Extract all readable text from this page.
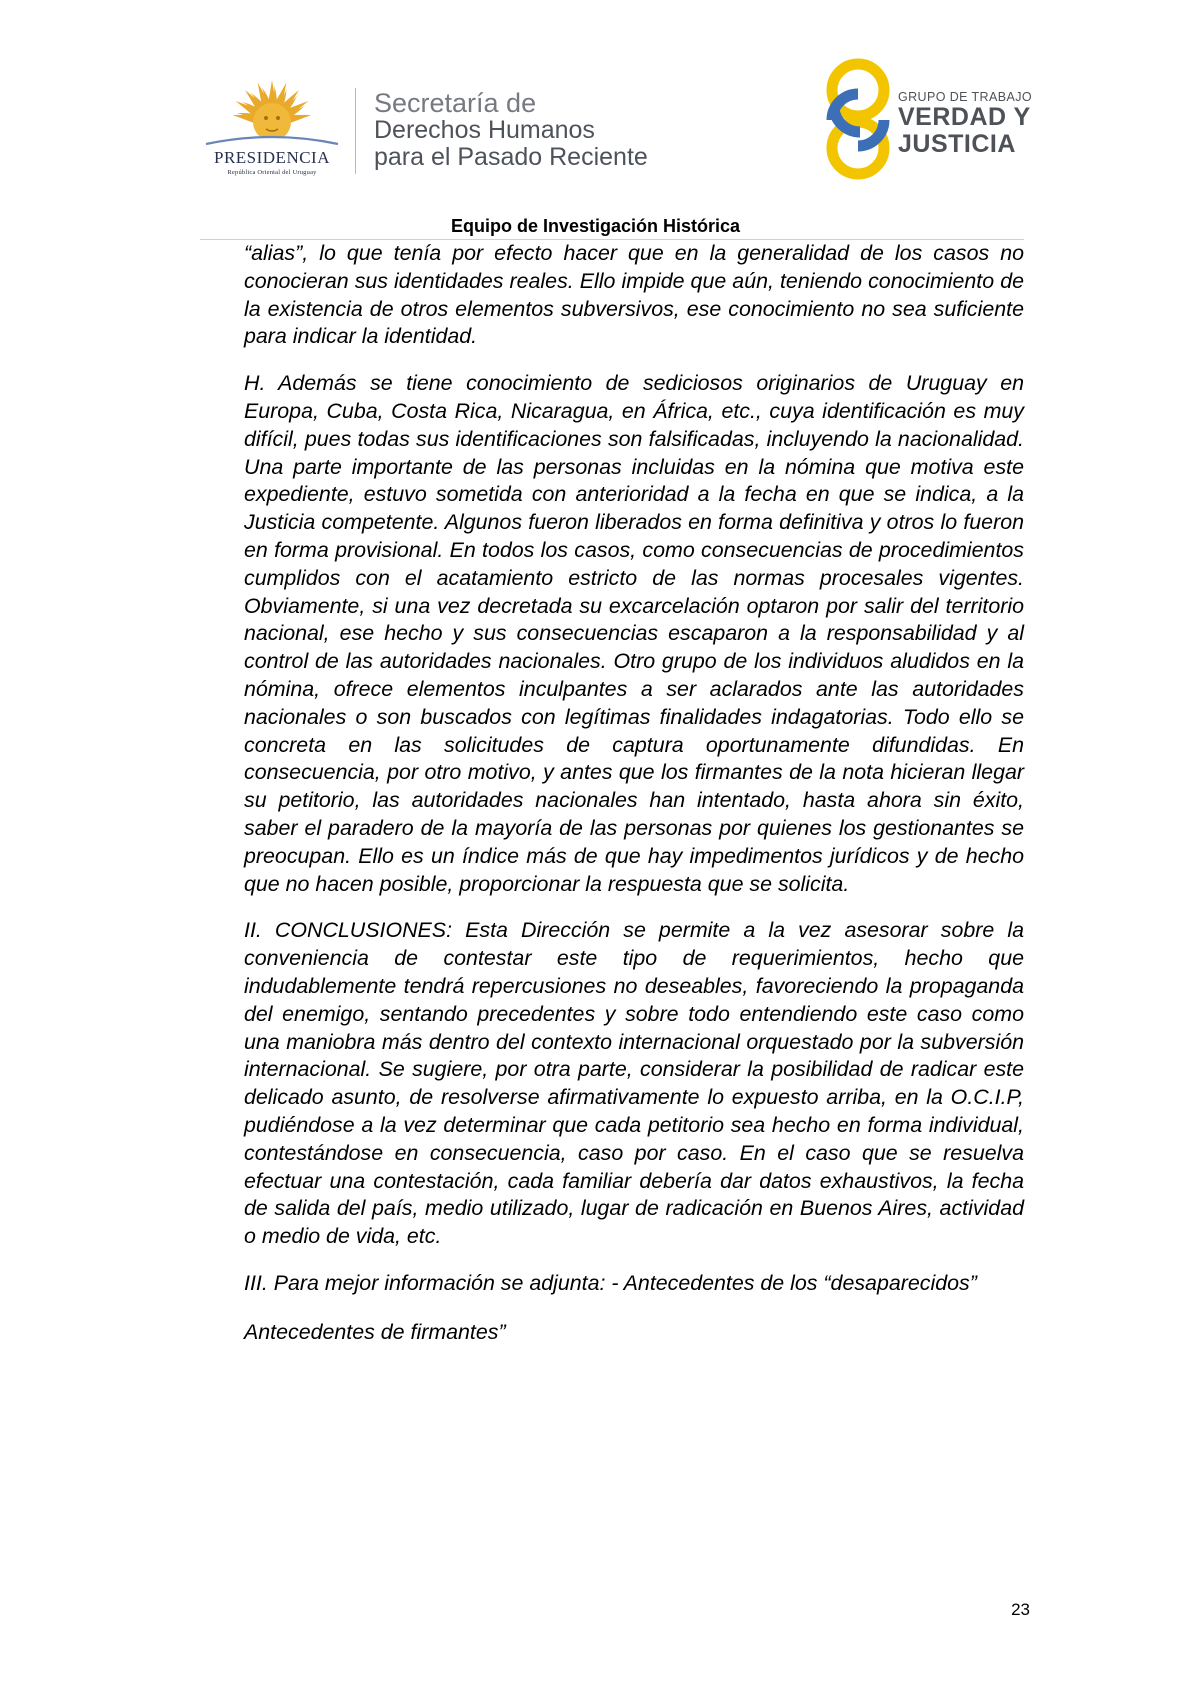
PRESIDENCIA
República Oriental del Uruguay
Secretaría de
Derechos Humanos
para el Pasado Reciente
GRUPO DE TRABAJO
VERDAD Y
JUSTICIA
Equipo de Investigación Histórica

“alias”, lo que tenía por efecto hacer que en la generalidad de los casos no conocieran sus identidades reales. Ello impide que aún, teniendo conocimiento de la existencia de otros elementos subversivos, ese conocimiento no sea suficiente para indicar la identidad.

H. Además se tiene conocimiento de sediciosos originarios de Uruguay en Europa, Cuba, Costa Rica, Nicaragua, en África, etc., cuya identificación es muy difícil, pues todas sus identificaciones son falsificadas, incluyendo la nacionalidad. Una parte importante de las personas incluidas en la nómina que motiva este expediente, estuvo sometida con anterioridad a la fecha en que se indica, a la Justicia competente. Algunos fueron liberados en forma definitiva y otros lo fueron en forma provisional. En todos los casos, como consecuencias de procedimientos cumplidos con el acatamiento estricto de las normas procesales vigentes. Obviamente, si una vez decretada su excarcelación optaron por salir del territorio nacional, ese hecho y sus consecuencias escaparon a la responsabilidad y al control de las autoridades nacionales. Otro grupo de los individuos aludidos en la nómina, ofrece elementos inculpantes a ser aclarados ante las autoridades nacionales o son buscados con legítimas finalidades indagatorias. Todo ello se concreta en las solicitudes de captura oportunamente difundidas. En consecuencia, por otro motivo, y antes que los firmantes de la nota hicieran llegar su petitorio, las autoridades nacionales han intentado, hasta ahora sin éxito, saber el paradero de la mayoría de las personas por quienes los gestionantes se preocupan. Ello es un índice más de que hay impedimentos jurídicos y de hecho que no hacen posible, proporcionar la respuesta que se solicita.

II. CONCLUSIONES: Esta Dirección se permite a la vez asesorar sobre la conveniencia de contestar este tipo de requerimientos, hecho que indudablemente tendrá repercusiones no deseables, favoreciendo la propaganda del enemigo, sentando precedentes y sobre todo entendiendo este caso como una maniobra más dentro del contexto internacional orquestado por la subversión internacional. Se sugiere, por otra parte, considerar la posibilidad de radicar este delicado asunto, de resolverse afirmativamente lo expuesto arriba, en la O.C.I.P, pudiéndose a la vez determinar que cada petitorio sea hecho en forma individual, contestándose en consecuencia, caso por caso. En el caso que se resuelva efectuar una contestación, cada familiar debería dar datos exhaustivos, la fecha de salida del país, medio utilizado, lugar de radicación en Buenos Aires, actividad o medio de vida, etc.

III. Para mejor información se adjunta: - Antecedentes de los “desaparecidos”

Antecedentes de firmantes”

23
